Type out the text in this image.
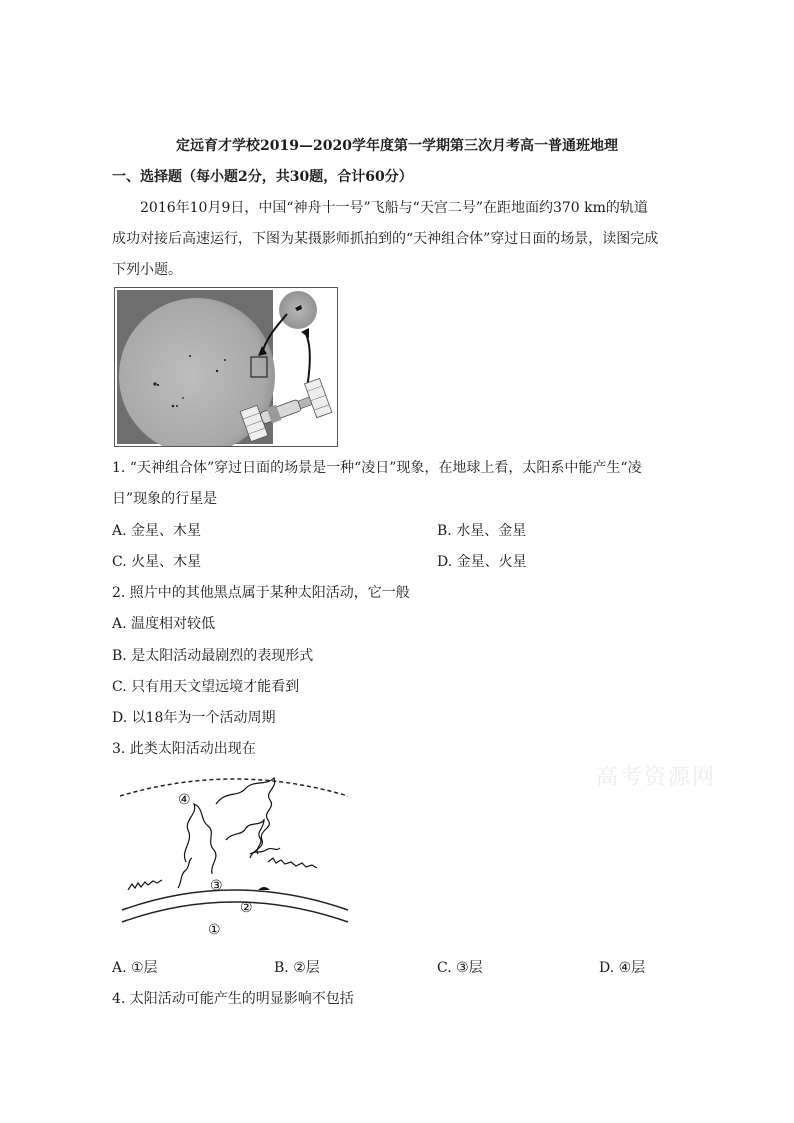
定远育才学校2019—2020学年度第一学期第三次月考高一普通班地理
一、选择题（每小题2分，共30题，合计60分）
2016年10月9日，中国“神舟十一号”飞船与“天宫二号”在距地面约370 km的轨道
成功对接后高速运行，下图为某摄影师抓拍到的“天神组合体”穿过日面的场景，读图完成
下列小题。
1. “天神组合体”穿过日面的场景是一种“凌日”现象，在地球上看，太阳系中能产生“凌
日”现象的行星是
A. 金星、木星	B. 水星、金星
C. 火星、木星	D. 金星、火星
2. 照片中的其他黑点属于某种太阳活动，它一般
A. 温度相对较低
B. 是太阳活动最剧烈的表现形式
C. 只有用天文望远境才能看到
D. 以18年为一个活动周期
3. 此类太阳活动出现在
④
③
②
①
高考资源网
A. ①层	B. ②层	C. ③层	D. ④层
4. 太阳活动可能产生的明显影响不包括
